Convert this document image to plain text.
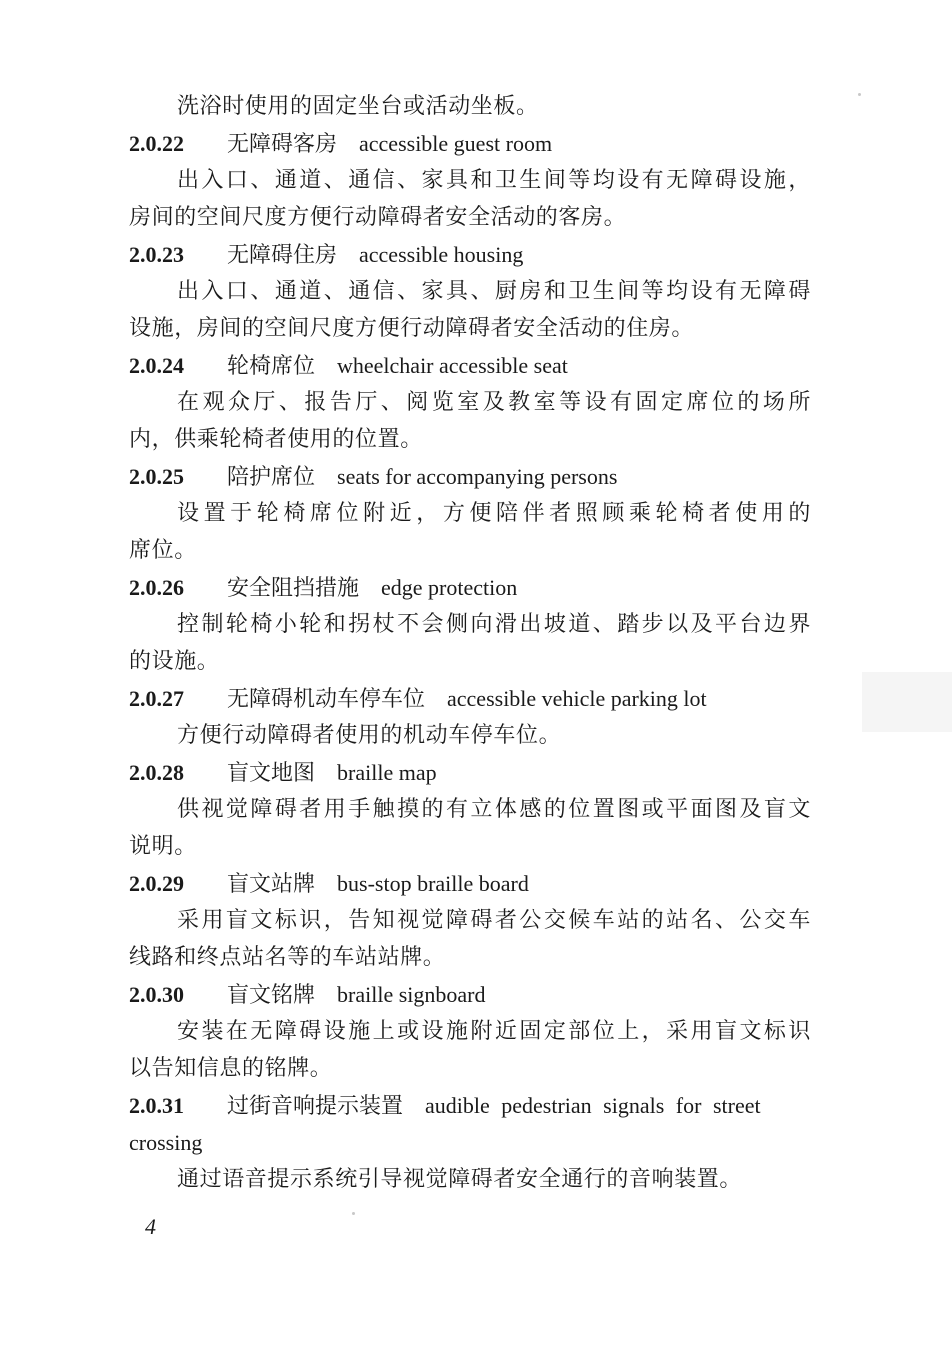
洗浴时使用的固定坐台或活动坐板。
2.0.22 无障碍客房 accessible guest room
出入口、通道、通信、家具和卫生间等均设有无障碍设施，
房间的空间尺度方便行动障碍者安全活动的客房。
2.0.23 无障碍住房 accessible housing
出入口、通道、通信、家具、厨房和卫生间等均设有无障碍
设施，房间的空间尺度方便行动障碍者安全活动的住房。
2.0.24 轮椅席位 wheelchair accessible seat
在观众厅、报告厅、阅览室及教室等设有固定席位的场所
内，供乘轮椅者使用的位置。
2.0.25 陪护席位 seats for accompanying persons
设置于轮椅席位附近，方便陪伴者照顾乘轮椅者使用的
席位。
2.0.26 安全阻挡措施 edge protection
控制轮椅小轮和拐杖不会侧向滑出坡道、踏步以及平台边界
的设施。
2.0.27 无障碍机动车停车位 accessible vehicle parking lot
方便行动障碍者使用的机动车停车位。
2.0.28 盲文地图 braille map
供视觉障碍者用手触摸的有立体感的位置图或平面图及盲文
说明。
2.0.29 盲文站牌 bus-stop braille board
采用盲文标识，告知视觉障碍者公交候车站的站名、公交车
线路和终点站名等的车站站牌。
2.0.30 盲文铭牌 braille signboard
安装在无障碍设施上或设施附近固定部位上，采用盲文标识
以告知信息的铭牌。
2.0.31 过街音响提示装置 audible pedestrian signals for street
crossing
通过语音提示系统引导视觉障碍者安全通行的音响装置。
4
